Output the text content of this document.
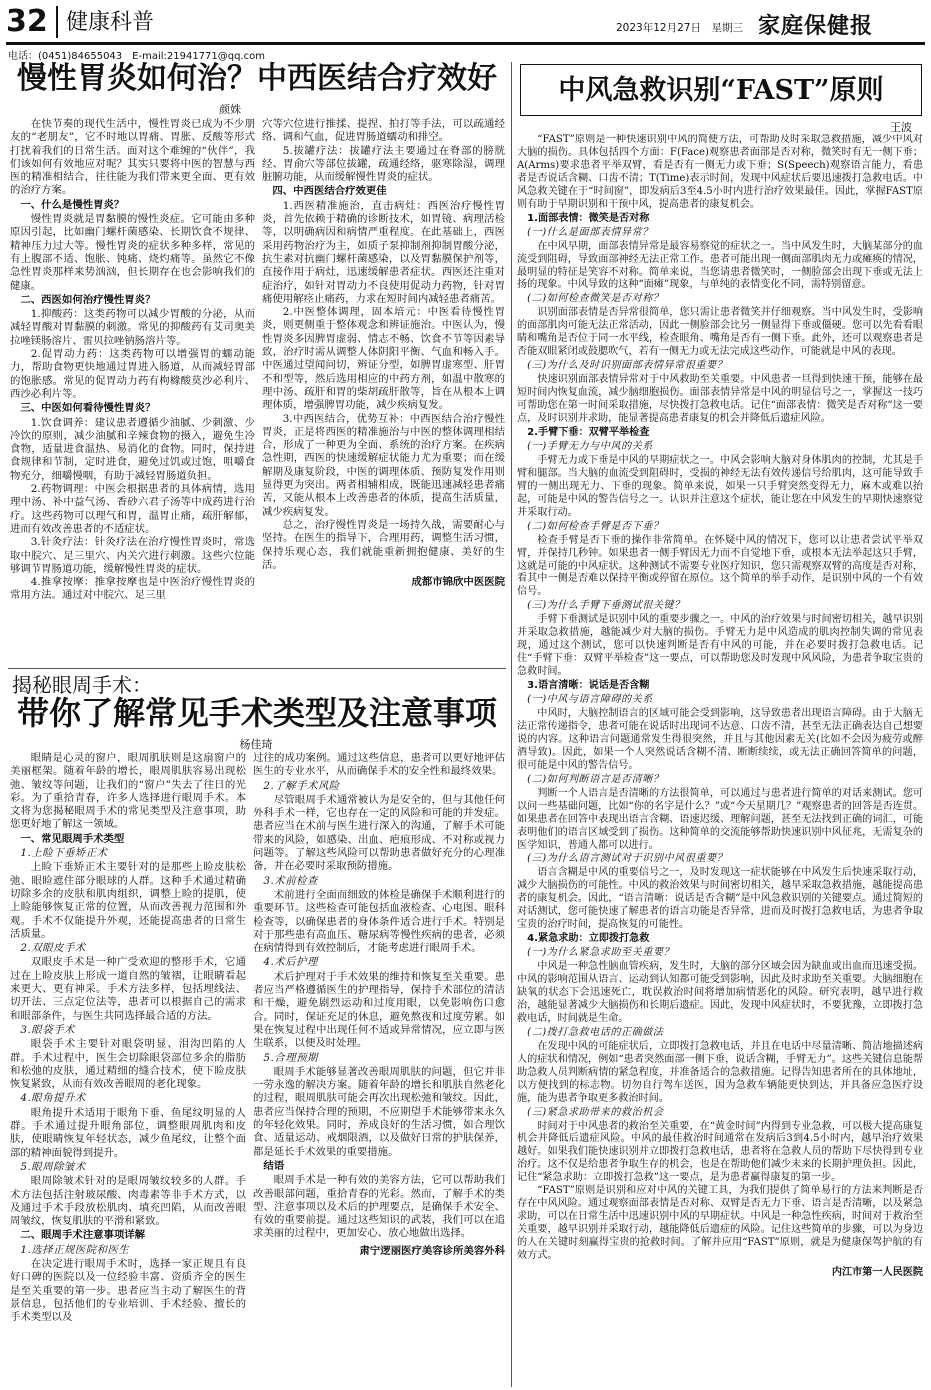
32 健康科普	2023年12月27日　星期三 家庭保健报
电话：(0451)84655043　E-mail:21941771@qq.com
慢性胃炎如何治？中西医结合疗效好
颜姝

在快节奏的现代生活中，慢性胃炎已成为不少朋友的“老朋友”，它不时地以胃痛、胃胀、反酸等形式打扰着我们的日常生活。面对这个难缠的“伙伴”，我们该如何有效地应对呢？其实只要将中医的智慧与西医的精准相结合，往往能为我们带来更全面、更有效的治疗方案。

一、什么是慢性胃炎？

慢性胃炎就是胃黏膜的慢性炎症。它可能由多种原因引起，比如幽门螺杆菌感染、长期饮食不规律、精神压力过大等。慢性胃炎的症状多种多样，常见的有上腹部不适、饱胀、钝痛、烧灼痛等。虽然它不像急性胃炎那样来势汹汹，但长期存在也会影响我们的健康。

二、西医如何治疗慢性胃炎？

1.抑酸药：这类药物可以减少胃酸的分泌，从而减轻胃酸对胃黏膜的刺激。常见的抑酸药有艾司奥美拉唑镁肠溶片、雷贝拉唑钠肠溶片等。

2.促胃动力药：这类药物可以增强胃的蠕动能力，帮助食物更快地通过胃进入肠道，从而减轻胃部的饱胀感。常见的促胃动力药有枸橼酸莫沙必利片、西沙必利片等。

三、中医如何看待慢性胃炎？

1.饮食调养：建议患者遵循少油腻、少刺激、少冷饮的原则，减少油腻和辛辣食物的摄入，避免生冷食物，适量进食温热、易消化的食物。同时，保持进食规律和节制，定时进食，避免过饥或过饱，咀嚼食物充分，细嚼慢咽，有助于减轻胃肠道负担。

2.药物调理：中医会根据患者的具体病情，选用理中汤、补中益气汤、香砂六君子汤等中成药进行治疗。这些药物可以理气和胃，温胃止痛，疏肝解郁，进而有效改善患者的不适症状。

3.针灸疗法：针灸疗法在治疗慢性胃炎时，常选取中脘穴、足三里穴、内关穴进行刺激。这些穴位能够调节胃肠道功能，缓解慢性胃炎的症状。

4.推拿按摩：推拿按摩也是中医治疗慢性胃炎的常用方法。通过对中脘穴、足三里

穴等穴位进行推揉、提捏、拍打等手法，可以疏通经络、调和气血，促进胃肠道蠕动和排空。

5.拔罐疗法：拔罐疗法主要通过在脊部的膀胱经、胃俞穴等部位拔罐，疏通经络，驱寒除湿，调理脏腑功能，从而缓解慢性胃炎的症状。

四、中西医结合疗效更佳

1.西医精准施治，直击病灶：西医治疗慢性胃炎，首先依赖于精确的诊断技术，如胃镜、病理活检等，以明确病因和病情严重程度。在此基础上，西医采用药物治疗为主，如质子泵抑制剂抑制胃酸分泌，抗生素对抗幽门螺杆菌感染，以及胃黏膜保护剂等，直接作用于病灶，迅速缓解患者症状。西医还注重对症治疗，如针对胃动力不良使用促动力药物，针对胃痛使用解痉止痛药，力求在短时间内减轻患者痛苦。

2.中医整体调理，固本培元：中医看待慢性胃炎，则更侧重于整体观念和辨证施治。中医认为，慢性胃炎多因脾胃虚弱、情志不畅、饮食不节等因素导致，治疗时需从调整人体阴阳平衡、气血和畅入手。中医通过望闻问切，辨证分型，如脾胃虚寒型、肝胃不和型等，然后选用相应的中药方剂，如温中散寒的理中汤、疏肝和胃的柴胡疏肝散等，旨在从根本上调理体质，增强脾胃功能，减少疾病复发。

3.中西医结合，优势互补：中西医结合治疗慢性胃炎，正是将西医的精准施治与中医的整体调理相结合，形成了一种更为全面、系统的治疗方案。在疾病急性期，西医的快速缓解症状能力尤为重要；而在缓解期及康复阶段，中医的调理体质、预防复发作用则显得更为突出。两者相辅相成，既能迅速减轻患者痛苦，又能从根本上改善患者的体质，提高生活质量，减少疾病复发。

总之，治疗慢性胃炎是一场持久战，需要耐心与坚持。在医生的指导下，合理用药，调整生活习惯，保持乐观心态，我们就能重新拥抱健康、美好的生活。

成都市锦欣中医医院

揭秘眼周手术：
带你了解常见手术类型及注意事项
杨佳琦

眼睛是心灵的窗户，眼周肌肤则是这扇窗户的美丽框架。随着年龄的增长，眼周肌肤容易出现松弛、皱纹等问题，让我们的“窗户”失去了往日的光彩。为了重拾青春，许多人选择进行眼周手术。本文将为您揭秘眼周手术的常见类型及注意事项，助您更好地了解这一领域。

一、常见眼周手术类型

1.上睑下垂矫正术

上睑下垂矫正术主要针对的是那些上睑皮肤松弛、眼睑遮住部分眼球的人群。这种手术通过精确切除多余的皮肤和肌肉组织，调整上睑的提肌，使上睑能够恢复正常的位置，从而改善视力范围和外观。手术不仅能提升外观，还能提高患者的日常生活质量。

2.双眼皮手术

双眼皮手术是一种广受欢迎的整形手术，它通过在上睑皮肤上形成一道自然的皱褶，让眼睛看起来更大、更有神采。手术方法多样，包括埋线法、切开法、三点定位法等，患者可以根据自己的需求和眼部条件，与医生共同选择最合适的方法。

3.眼袋手术

眼袋手术主要针对眼袋明显、泪沟凹陷的人群。手术过程中，医生会切除眼袋部位多余的脂肪和松弛的皮肤，通过精细的缝合技术，使下睑皮肤恢复紧致，从而有效改善眼周的老化现象。

4.眼角提升术

眼角提升术适用于眼角下垂、鱼尾纹明显的人群。手术通过提升眼角部位，调整眼周肌肉和皮肤，使眼睛恢复年轻状态，减少鱼尾纹，让整个面部的精神面貌得到提升。

5.眼周除皱术

眼周除皱术针对的是眼周皱纹较多的人群。手术方法包括注射玻尿酸、肉毒素等非手术方式，以及通过手术手段放松肌肉、填充凹陷，从而改善眼周皱纹，恢复肌肤的平滑和紧致。

二、眼周手术注意事项详解

1.选择正规医院和医生

在决定进行眼周手术时，选择一家正规且有良好口碑的医院以及一位经验丰富、资质齐全的医生是至关重要的第一步。患者应当主动了解医生的背景信息，包括他们的专业培训、手术经验、擅长的手术类型以及

过往的成功案例。通过这些信息，患者可以更好地评估医生的专业水平，从而确保手术的安全性和最终效果。

2.了解手术风险

尽管眼周手术通常被认为是安全的，但与其他任何外科手术一样，它也存在一定的风险和可能的并发症。患者应当在术前与医生进行深入的沟通，了解手术可能带来的风险，如感染、出血、疤痕形成、不对称或视力问题等。了解这些风险可以帮助患者做好充分的心理准备，并在必要时采取预防措施。

3.术前检查

术前进行全面而细致的体检是确保手术顺利进行的重要环节。这些检查可能包括血液检查、心电图、眼科检查等，以确保患者的身体条件适合进行手术。特别是对于那些患有高血压、糖尿病等慢性疾病的患者，必须在病情得到有效控制后，才能考虑进行眼周手术。

4.术后护理

术后护理对于手术效果的维持和恢复至关重要。患者应当严格遵循医生的护理指导，保持手术部位的清洁和干燥，避免剧烈运动和过度用眼，以免影响伤口愈合。同时，保证充足的休息，避免熬夜和过度劳累。如果在恢复过程中出现任何不适或异常情况，应立即与医生联系，以便及时处理。

5.合理预期

眼周手术能够显著改善眼周肌肤的问题，但它并非一劳永逸的解决方案。随着年龄的增长和肌肤自然老化的过程，眼周肌肤可能会再次出现松弛和皱纹。因此，患者应当保持合理的预期，不应期望手术能够带来永久的年轻化效果。同时，养成良好的生活习惯，如合理饮食、适量运动、戒烟限酒，以及做好日常的护肤保养，都是延长手术效果的重要措施。

结语

眼周手术是一种有效的美容方法，它可以帮助我们改善眼部问题，重拾青春的光彩。然而，了解手术的类型、注意事项以及术后的护理要点，是确保手术安全、有效的重要前提。通过这些知识的武装，我们可以在追求美丽的过程中，更加安心、放心地做出选择。

肃宁逻丽医疗美容诊所美容外科

中风急救识别“FAST”原则
王波

“FAST”原则是一种快速识别中风的简便方法，可帮助及时采取急救措施，减少中风对大脑的损伤。具体包括四个方面：F(Face)观察患者面部是否对称，微笑时有无一侧下垂；A(Arms)要求患者平举双臂，看是否有一侧无力或下垂；S(Speech)观察语言能力，看患者是否说话含糊、口齿不清；T(Time)表示时间，发现中风症状后要迅速拨打急救电话。中风急救关键在于“时间窗”，即发病后3至4.5小时内进行治疗效果最佳。因此，掌握FAST原则有助于早期识别和干预中风，提高患者的康复机会。

1.面部表情：微笑是否对称

(一)什么是面部表情异常？

在中风早期，面部表情异常是最容易察觉的症状之一。当中风发生时，大脑某部分的血流受到阻碍，导致面部神经无法正常工作。患者可能出现一侧面部肌肉无力或瘫痪的情况，最明显的特征是笑容不对称。简单来说，当您请患者微笑时，一侧脸部会出现下垂或无法上扬的现象。中风导致的这种“面瘫”现象，与单纯的表情变化不同，需特别留意。

(二)如何检查微笑是否对称？

识别面部表情是否异常很简单，您只需让患者微笑并仔细观察。当中风发生时，受影响的面部肌肉可能无法正常活动，因此一侧脸部会比另一侧显得下垂或僵硬。您可以先看看眼睛和嘴角是否位于同一水平线，检查眼角、嘴角是否有一侧下垂。此外，还可以观察患者是否能双眼紧闭或鼓腮吹气，若有一侧无力或无法完成这些动作，可能就是中风的表现。

(三)为什么及时识别面部表情异常很重要？

快速识别面部表情异常对于中风救助至关重要。中风患者一旦得到快速干预，能够在最短时间内恢复血流，减少脑细胞损伤。面部表情异常是中风的明显信号之一，掌握这一技巧可帮助您在第一时间采取措施，尽快拨打急救电话。记住“面部表情：微笑是否对称”这一要点，及时识别并求助，能显著提高患者康复的机会并降低后遗症风险。

2.手臂下垂：双臂平举检查

(一)手臂无力与中风的关系

手臂无力或下垂是中风的早期症状之一。中风会影响大脑对身体肌肉的控制，尤其是手臂和腿部。当大脑的血流受到阻碍时，受损的神经无法有效传递信号给肌肉，这可能导致手臂的一侧出现无力、下垂的现象。简单来说，如果一只手臂突然变得无力，麻木或难以抬起，可能是中风的警告信号之一。认识并注意这个症状，能让您在中风发生的早期快速察觉并采取行动。

(二)如何检查手臂是否下垂？

检查手臂是否下垂的操作非常简单。在怀疑中风的情况下，您可以让患者尝试平举双臂，并保持几秒钟。如果患者一侧手臂因无力而不自觉地下垂，或根本无法举起这只手臂，这就是可能的中风症状。这种测试不需要专业医疗知识，您只需观察双臂的高度是否对称，看其中一侧是否难以保持平衡或停留在原位。这个简单的举手动作，是识别中风的一个有效信号。

(三)为什么手臂下垂测试很关键？

手臂下垂测试是识别中风的重要步骤之一。中风的治疗效果与时间密切相关，越早识别并采取急救措施，越能减少对大脑的损伤。手臂无力是中风造成的肌肉控制失调的常见表现，通过这个测试，您可以快速判断是否有中风的可能，并在必要时拨打急救电话。记住“手臂下垂：双臂平举检查”这一要点，可以帮助您及时发现中风风险，为患者争取宝贵的急救时间。

3.语言清晰：说话是否含糊

(一)中风与语言障碍的关系

中风时，大脑控制语言的区域可能会受到影响，这导致患者出现语言障碍。由于大脑无法正常传递指令，患者可能在说话时出现词不达意、口齿不清，甚至无法正确表达自己想要说的内容。这种语言问题通常发生得很突然，并且与其他因素无关(比如不会因为疲劳或醉酒导致)。因此，如果一个人突然说话含糊不清、断断续续，或无法正确回答简单的问题，很可能是中风的警告信号。

(二)如何判断语言是否清晰？

判断一个人语言是否清晰的方法很简单，可以通过与患者进行简单的对话来测试。您可以问一些基础问题，比如“你的名字是什么？”或“今天星期几？”观察患者的回答是否连贯。如果患者在回答中表现出语言含糊、语速迟缓、理解问题，甚至无法找到正确的词汇，可能表明他们的语言区域受到了损伤。这种简单的交流能够帮助快速识别中风征兆，无需复杂的医学知识，普通人都可以进行。

(三)为什么语言测试对于识别中风很重要？

语言含糊是中风的重要信号之一，及时发现这一症状能够在中风发生后快速采取行动，减少大脑损伤的可能性。中风的救治效果与时间密切相关，越早采取急救措施，越能提高患者的康复机会。因此，“语言清晰：说话是否含糊”是中风急救识别的关键要点。通过简短的对话测试，您可能快速了解患者的语言功能是否异常，进而及时拨打急救电话，为患者争取宝贵的治疗时间，提高恢复的可能性。

4.紧急求助：立即拨打急救

(一)为什么紧急求助至关重要？

中风是一种急性脑血管疾病，发生时，大脑的部分区域会因为缺血或出血而迅速受损。中风的影响范围从语言、运动到认知都可能受到影响，因此及时求助至关重要。大脑细胞在缺氧的状态下会迅速死亡，耽误救治时间将增加病情恶化的风险。研究表明，越早进行救治，越能显著减少大脑损伤和长期后遗症。因此，发现中风症状时，不要犹豫，立即拨打急救电话，时间就是生命。

(二)拨打急救电话的正确做法

在发现中风的可能症状后，立即拨打急救电话，并且在电话中尽量清晰、简洁地描述病人的症状和情况，例如“患者突然面部一侧下垂，说话含糊，手臂无力”。这些关键信息能帮助急救人员判断病情的紧急程度，并准备适合的急救措施。记得告知患者所在的具体地址，以方便找到的标志物。切勿自行驾车送医，因为急救车辆能更快到达，并具备应急医疗设施，能为患者争取更多救治时间。

(三)紧急求助带来的救治机会

时间对于中风患者的救治至关重要，在“黄金时间”内得到专业急救，可以极大提高康复机会并降低后遗症风险。中风的最佳救治时间通常在发病后3到4.5小时内，越早治疗效果越好。如果我们能快速识别并立即拨打急救电话，患者将在急救人员的帮助下尽快得到专业治疗。这不仅是给患者争取生存的机会，也是在帮助他们减少未来的长期护理负担。因此，记住“紧急求助：立即拨打急救”这一要点，是为患者赢得康复的第一步。

“FAST”原则是识别和应对中风的关键工具，为我们提供了简单易行的方法来判断是否存在中风风险。通过观察面部表情是否对称、双臂是否无力下垂、语言是否清晰，以及紧急求助，可以在日常生活中迅速识别中风的早期症状。中风是一种急性疾病，时间对于救治至关重要，越早识别并采取行动，越能降低后遗症的风险。记住这些简单的步骤，可以为身边的人在关键时刻赢得宝贵的抢救时间。了解并应用“FAST”原则，就是为健康保驾护航的有效方式。

内江市第一人民医院
